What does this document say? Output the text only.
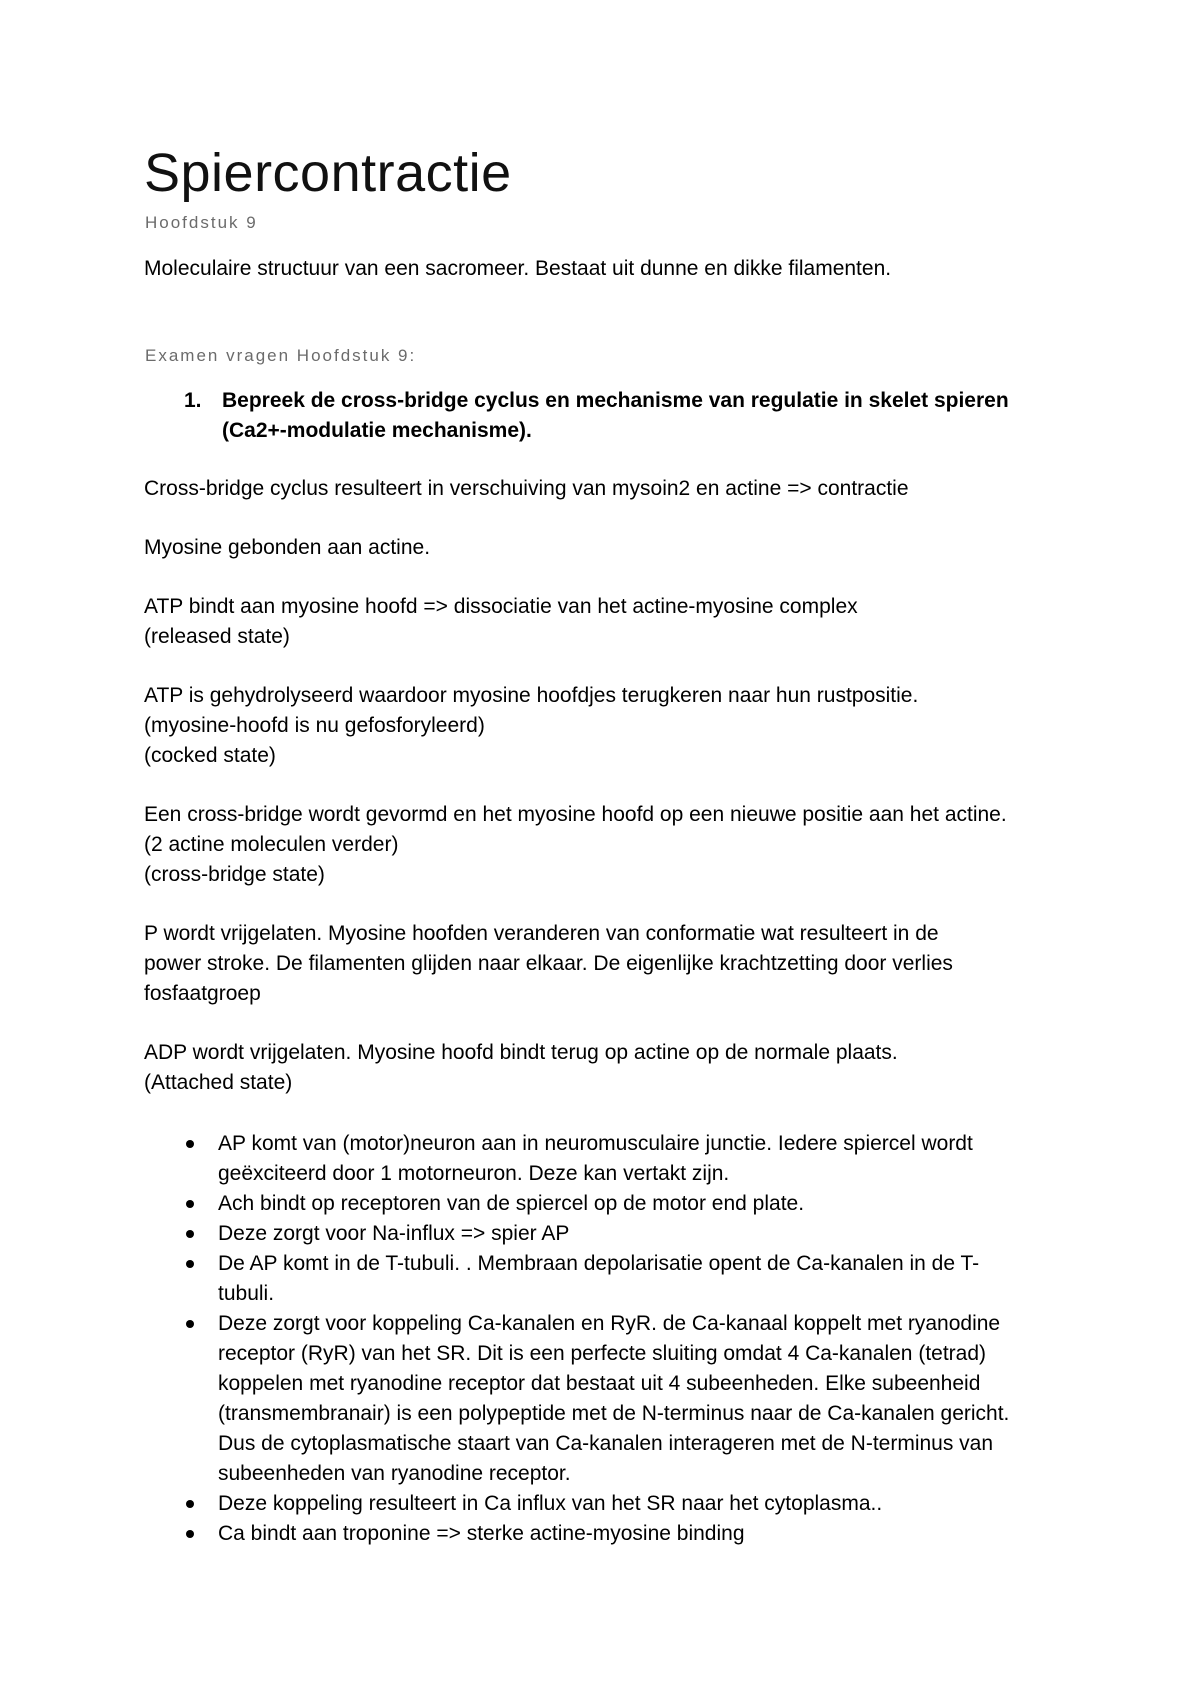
Spiercontractie
Hoofdstuk 9
Moleculaire structuur van een sacromeer. Bestaat uit dunne en dikke filamenten.
Examen vragen Hoofdstuk 9:
1. Bepreek de cross-bridge cyclus en mechanisme van regulatie in skelet spieren
(Ca2+-modulatie mechanisme).

Cross-bridge cyclus resulteert in verschuiving van mysoin2 en actine => contractie

Myosine gebonden aan actine.

ATP bindt aan myosine hoofd => dissociatie van het actine-myosine complex
(released state)

ATP is gehydrolyseerd waardoor myosine hoofdjes terugkeren naar hun rustpositie.
(myosine-hoofd is nu gefosforyleerd)
(cocked state)

Een cross-bridge wordt gevormd en het myosine hoofd op een nieuwe positie aan het actine.
(2 actine moleculen verder)
(cross-bridge state)

P wordt vrijgelaten. Myosine hoofden veranderen van conformatie wat resulteert in de
power stroke. De filamenten glijden naar elkaar. De eigenlijke krachtzetting door verlies
fosfaatgroep

ADP wordt vrijgelaten. Myosine hoofd bindt terug op actine op de normale plaats.
(Attached state)

AP komt van (motor)neuron aan in neuromusculaire junctie. Iedere spiercel wordt
geëxciteerd door 1 motorneuron. Deze kan vertakt zijn.
Ach bindt op receptoren van de spiercel op de motor end plate.
Deze zorgt voor Na-influx => spier AP
De AP komt in de T-tubuli. . Membraan depolarisatie opent de Ca-kanalen in de T-
tubuli.
Deze zorgt voor koppeling Ca-kanalen en RyR. de Ca-kanaal koppelt met ryanodine
receptor (RyR) van het SR. Dit is een perfecte sluiting omdat 4 Ca-kanalen (tetrad)
koppelen met ryanodine receptor dat bestaat uit 4 subeenheden. Elke subeenheid
(transmembranair) is een polypeptide met de N-terminus naar de Ca-kanalen gericht.
Dus de cytoplasmatische staart van Ca-kanalen interageren met de N-terminus van
subeenheden van ryanodine receptor.
Deze koppeling resulteert in Ca influx van het SR naar het cytoplasma..
Ca bindt aan troponine => sterke actine-myosine binding
